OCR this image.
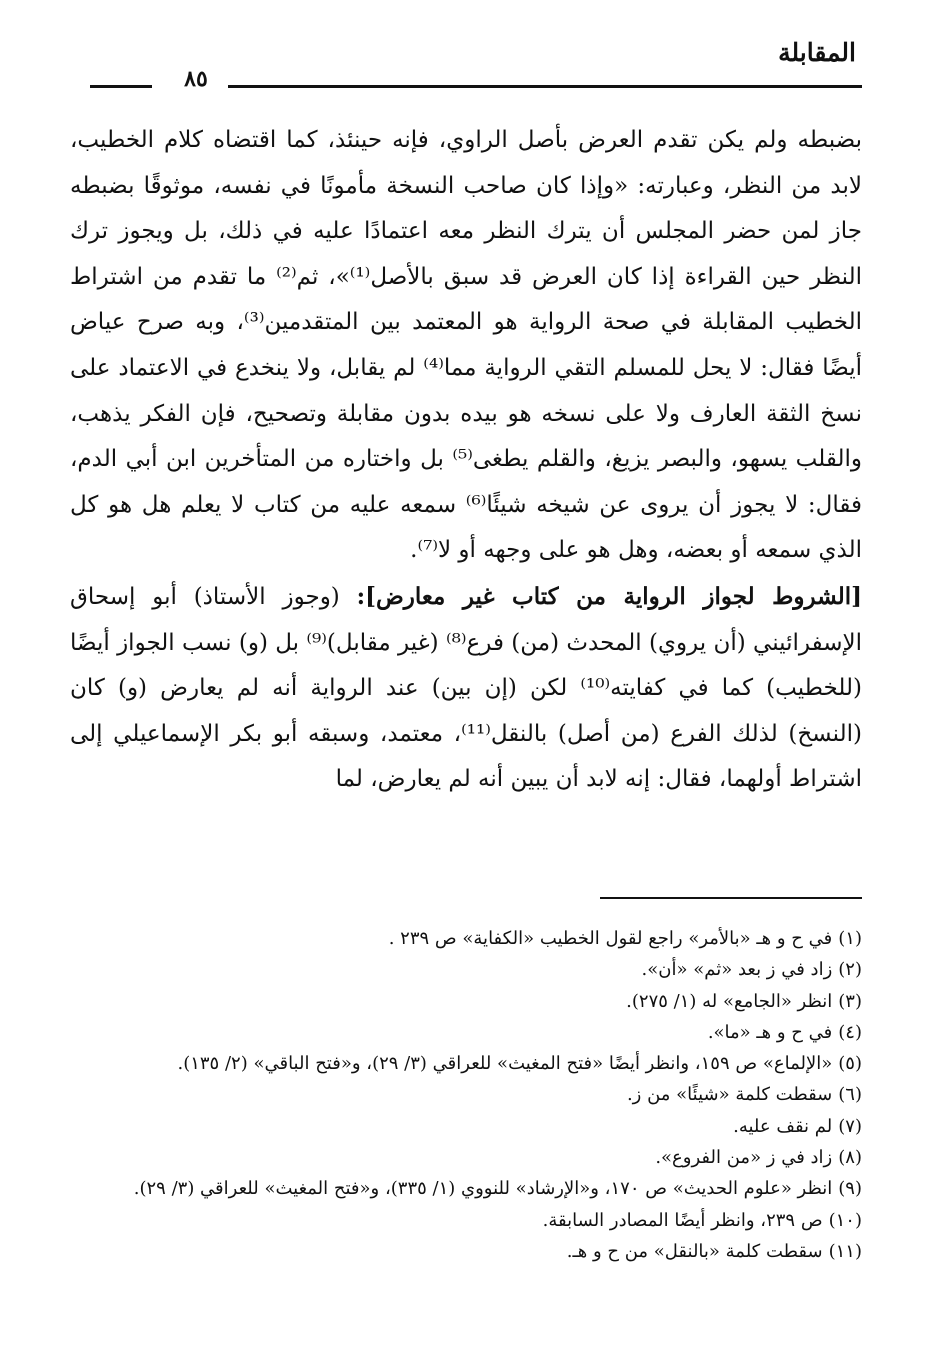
المقابلة
٨٥

بضبطه ولم يكن تقدم العرض بأصل الراوي، فإنه حينئذ، كما اقتضاه كلام الخطيب، لابد من النظر، وعبارته: «وإذا كان صاحب النسخة مأمونًا في نفسه، موثوقًا بضبطه جاز لمن حضر المجلس أن يترك النظر معه اعتمادًا عليه في ذلك، بل ويجوز ترك النظر حين القراءة إذا كان العرض قد سبق بالأصل⁽¹⁾»، ثم⁽²⁾ ما تقدم من اشتراط الخطيب المقابلة في صحة الرواية هو المعتمد بين المتقدمين⁽³⁾، وبه صرح عياض أيضًا فقال: لا يحل للمسلم التقي الرواية مما⁽⁴⁾ لم يقابل، ولا ينخدع في الاعتماد على نسخ الثقة العارف ولا على نسخه هو بيده بدون مقابلة وتصحيح، فإن الفكر يذهب، والقلب يسهو، والبصر يزيغ، والقلم يطغى⁽⁵⁾ بل واختاره من المتأخرين ابن أبي الدم، فقال: لا يجوز أن يروى عن شيخه شيئًا⁽⁶⁾ سمعه عليه من كتاب لا يعلم هل هو كل الذي سمعه أو بعضه، وهل هو على وجهه أو لا⁽⁷⁾.

[الشروط لجواز الرواية من كتاب غير معارض]: (وجوز الأستاذ) أبو إسحاق الإسفرائيني (أن يروي) المحدث (من) فرع⁽⁸⁾ (غير مقابل)⁽⁹⁾ بل (و) نسب الجواز أيضًا (للخطيب) كما في كفايته⁽¹⁰⁾ لكن (إن بين) عند الرواية أنه لم يعارض (و) كان (النسخ) لذلك الفرع (من أصل) بالنقل⁽¹¹⁾، معتمد، وسبقه أبو بكر الإسماعيلي إلى اشتراط أولهما، فقال: إنه لابد أن يبين أنه لم يعارض، لما

(١)في ح و هـ «بالأمر» راجع لقول الخطيب «الكفاية» ص ٢٣٩ .
(٢)زاد في ز بعد «ثم» «أن».
(٣)انظر «الجامع» له (١/ ٢٧٥).
(٤)في ح و هـ «ما».
(٥)«الإلماع» ص ١٥٩، وانظر أيضًا «فتح المغيث» للعراقي (٣/ ٢٩)، و«فتح الباقي» (٢/ ١٣٥).
(٦)سقطت كلمة «شيئًا» من ز.
(٧)لم نقف عليه.
(٨)زاد في ز «من الفروع».
(٩)انظر «علوم الحديث» ص ١٧٠، و«الإرشاد» للنووي (١/ ٣٣٥)، و«فتح المغيث» للعراقي (٣/ ٢٩).
(١٠)ص ٢٣٩، وانظر أيضًا المصادر السابقة.
(١١)سقطت كلمة «بالنقل» من ح و هـ.
